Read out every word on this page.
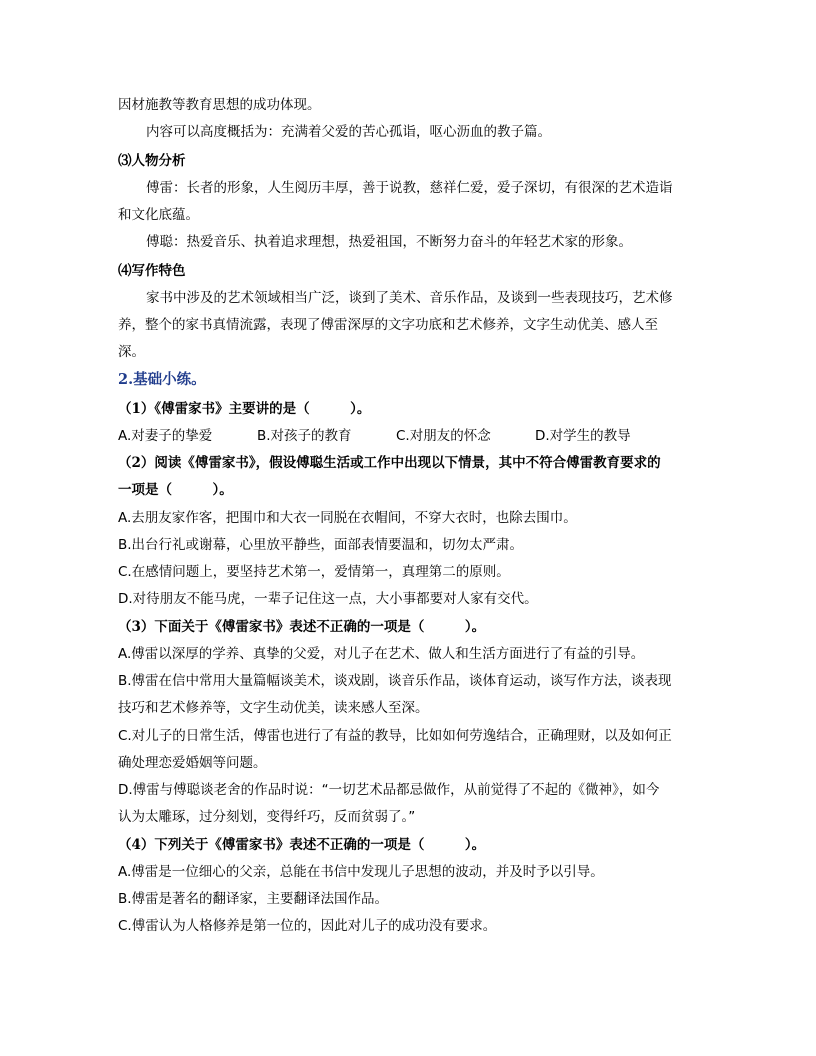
因材施教等教育思想的成功体现。

内容可以高度概括为：充满着父爱的苦心孤诣，呕心沥血的教子篇。

⑶人物分析

傅雷：长者的形象，人生阅历丰厚，善于说教，慈祥仁爱，爱子深切，有很深的艺术造诣

和文化底蕴。

傅聪：热爱音乐、执着追求理想，热爱祖国，不断努力奋斗的年轻艺术家的形象。

⑷写作特色

家书中涉及的艺术领域相当广泛，谈到了美术、音乐作品，及谈到一些表现技巧，艺术修

养，整个的家书真情流露，表现了傅雷深厚的文字功底和艺术修养，文字生动优美、感人至

深。

2.基础小练。

（1）《傅雷家书》主要讲的是（　　　）。

A.对妻子的挚爱	B.对孩子的教育	C.对朋友的怀念	D.对学生的教导

（2）阅读《傅雷家书》，假设傅聪生活或工作中出现以下情景，其中不符合傅雷教育要求的

一项是（　　　）。

A.去朋友家作客，把围巾和大衣一同脱在衣帽间，不穿大衣时，也除去围巾。

B.出台行礼或谢幕，心里放平静些，面部表情要温和，切勿太严肃。

C.在感情问题上，要坚持艺术第一，爱情第一，真理第二的原则。

D.对待朋友不能马虎，一辈子记住这一点，大小事都要对人家有交代。

（3）下面关于《傅雷家书》表述不正确的一项是（　　　）。

A.傅雷以深厚的学养、真挚的父爱，对儿子在艺术、做人和生活方面进行了有益的引导。

B.傅雷在信中常用大量篇幅谈美术，谈戏剧，谈音乐作品，谈体育运动，谈写作方法，谈表现

技巧和艺术修养等，文字生动优美，读来感人至深。

C.对儿子的日常生活，傅雷也进行了有益的教导，比如如何劳逸结合，正确理财，以及如何正

确处理恋爱婚姻等问题。

D.傅雷与傅聪谈老舍的作品时说：“一切艺术品都忌做作，从前觉得了不起的《微神》，如今

认为太雕琢，过分刻划，变得纤巧，反而贫弱了。”

（4）下列关于《傅雷家书》表述不正确的一项是（　　　）。

A.傅雷是一位细心的父亲，总能在书信中发现儿子思想的波动，并及时予以引导。

B.傅雷是著名的翻译家，主要翻译法国作品。

C.傅雷认为人格修养是第一位的，因此对儿子的成功没有要求。
